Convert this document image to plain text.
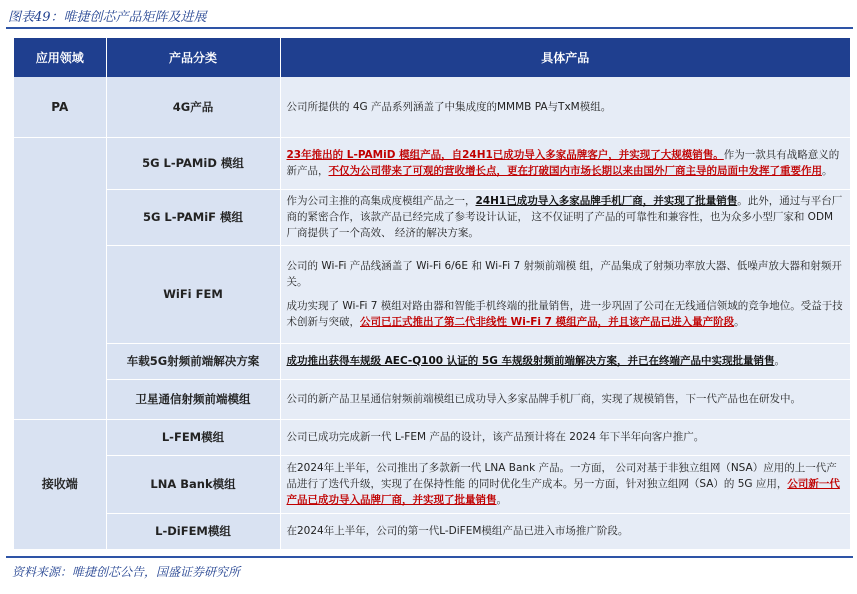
图表49：唯捷创芯产品矩阵及进展
应用领域	产品分类	具体产品
PA	4G产品	公司所提供的 4G 产品系列涵盖了中集成度的MMMB PA与TxM模组。
	5G L-PAMiD 模组	23年推出的 L-PAMiD 模组产品，自24H1已成功导入多家品牌客户，并实现了大规模销售。作为一款具有战略意义的新产品，不仅为公司带来了可观的营收增长点，更在打破国内市场长期以来由国外厂商主导的局面中发挥了重要作用。
	5G L-PAMiF 模组	作为公司主推的高集成度模组产品之一，24H1已成功导入多家品牌手机厂商，并实现了批量销售。此外，通过与平台厂商的紧密合作，该款产品已经完成了参考设计认证， 这不仅证明了产品的可靠性和兼容性，也为众多小型厂家和 ODM 厂商提供了一个高效、 经济的解决方案。
	WiFi FEM	公司的 Wi-Fi 产品线涵盖了 Wi-Fi 6/6E 和 Wi-Fi 7 射频前端模 组，产品集成了射频功率放大器、低噪声放大器和射频开关。
成功实现了 Wi-Fi 7 模组对路由器和智能手机终端的批量销售，进一步巩固了公司在无线通信领域的竞争地位。受益于技术创新与突破，公司已正式推出了第二代非线性 Wi-Fi 7 模组产品，并且该产品已进入量产阶段。
	车载5G射频前端解决方案	成功推出获得车规级 AEC-Q100 认证的 5G 车规级射频前端解决方案，并已在终端产品中实现批量销售。
	卫星通信射频前端模组	公司的新产品卫星通信射频前端模组已成功导入多家品牌手机厂商，实现了规模销售，下一代产品也在研发中。
接收端	L-FEM模组	公司已成功完成新一代 L-FEM 产品的设计，该产品预计将在 2024 年下半年向客户推广。
	LNA Bank模组	在2024年上半年，公司推出了多款新一代 LNA Bank 产品。一方面， 公司对基于非独立组网（NSA）应用的上一代产品进行了迭代升级，实现了在保持性能 的同时优化生产成本。另一方面，针对独立组网（SA）的 5G 应用，公司新一代产品已成功导入品牌厂商，并实现了批量销售。
	L-DiFEM模组	在2024年上半年，公司的第一代L-DiFEM模组产品已进入市场推广阶段。
资料来源：唯捷创芯公告，国盛证券研究所
